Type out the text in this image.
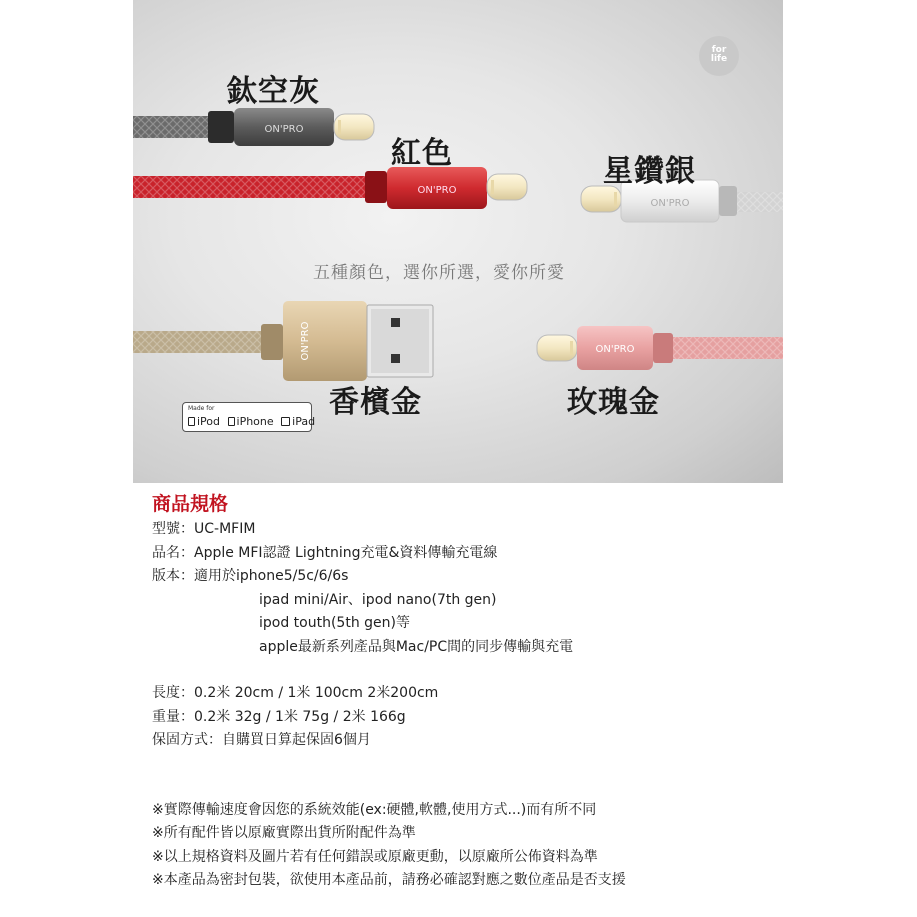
ON'PRO
ON'PRO
ON'PRO
ON'PRO	ON'PRO
鈦空灰
紅色
星鑽銀
香檳金	玫瑰金
五種顏色，選你所選，愛你所愛
for
life
Made for
iPod iPhone iPad
商品規格
型號：UC-MFIM
品名：Apple MFI認證 Lightning充電&資料傳輸充電線
版本：適用於iphone5/5c/6/6s
ipad mini/Air、ipod nano(7th gen)
ipod touth(5th gen)等
apple最新系列產品與Mac/PC間的同步傳輸與充電
長度：0.2米 20cm / 1米 100cm 2米200cm
重量：0.2米 32g / 1米 75g / 2米 166g
保固方式：自購買日算起保固6個月
※實際傳輸速度會因您的系統效能(ex:硬體,軟體,使用方式...)而有所不同
※所有配件皆以原廠實際出貨所附配件為準
※以上規格資料及圖片若有任何錯誤或原廠更動，以原廠所公佈資料為準
※本產品為密封包裝，欲使用本產品前，請務必確認對應之數位產品是否支援
